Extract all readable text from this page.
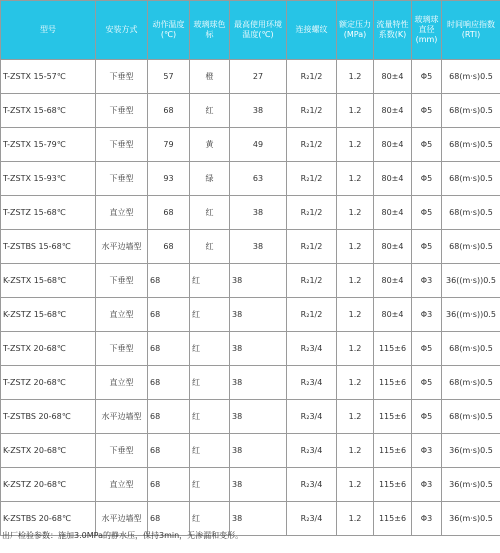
型号	安装方式	动作温度(℃)	玻璃球色标	最高使用环境温度(℃)	连接螺纹	额定压力(MPa)	流量特性系数(K)	玻璃球直径(mm)	时间响应指数(RTI)
T-ZSTX 15-57℃	下垂型	57	橙	27	R₂1/2	1.2	80±4	Φ5	68(m·s)0.5
T-ZSTX 15-68℃	下垂型	68	红	38	R₂1/2	1.2	80±4	Φ5	68(m·s)0.5
T-ZSTX 15-79℃	下垂型	79	黄	49	R₂1/2	1.2	80±4	Φ5	68(m·s)0.5
T-ZSTX 15-93℃	下垂型	93	绿	63	R₂1/2	1.2	80±4	Φ5	68(m·s)0.5
T-ZSTZ 15-68℃	直立型	68	红	38	R₂1/2	1.2	80±4	Φ5	68(m·s)0.5
T-ZSTBS 15-68℃	水平边墙型	68	红	38	R₂1/2	1.2	80±4	Φ5	68(m·s)0.5
K-ZSTX 15-68℃	下垂型	68	红	38	R₂1/2	1.2	80±4	Φ3	36((m·s))0.5
K-ZSTZ 15-68℃	直立型	68	红	38	R₂1/2	1.2	80±4	Φ3	36((m·s))0.5
T-ZSTX 20-68℃	下垂型	68	红	38	R₂3/4	1.2	115±6	Φ5	68(m·s)0.5
T-ZSTZ 20-68℃	直立型	68	红	38	R₂3/4	1.2	115±6	Φ5	68(m·s)0.5
T-ZSTBS 20-68℃	水平边墙型	68	红	38	R₂3/4	1.2	115±6	Φ5	68(m·s)0.5
K-ZSTX 20-68℃	下垂型	68	红	38	R₂3/4	1.2	115±6	Φ3	36(m·s)0.5
K-ZSTZ 20-68℃	直立型	68	红	38	R₂3/4	1.2	115±6	Φ3	36(m·s)0.5
K-ZSTBS 20-68℃	水平边墙型	68	红	38	R₂3/4	1.2	115±6	Φ3	36(m·s)0.5
出厂检验参数：施加3.0MPa的静水压，保持3min，无渗漏和变形。
